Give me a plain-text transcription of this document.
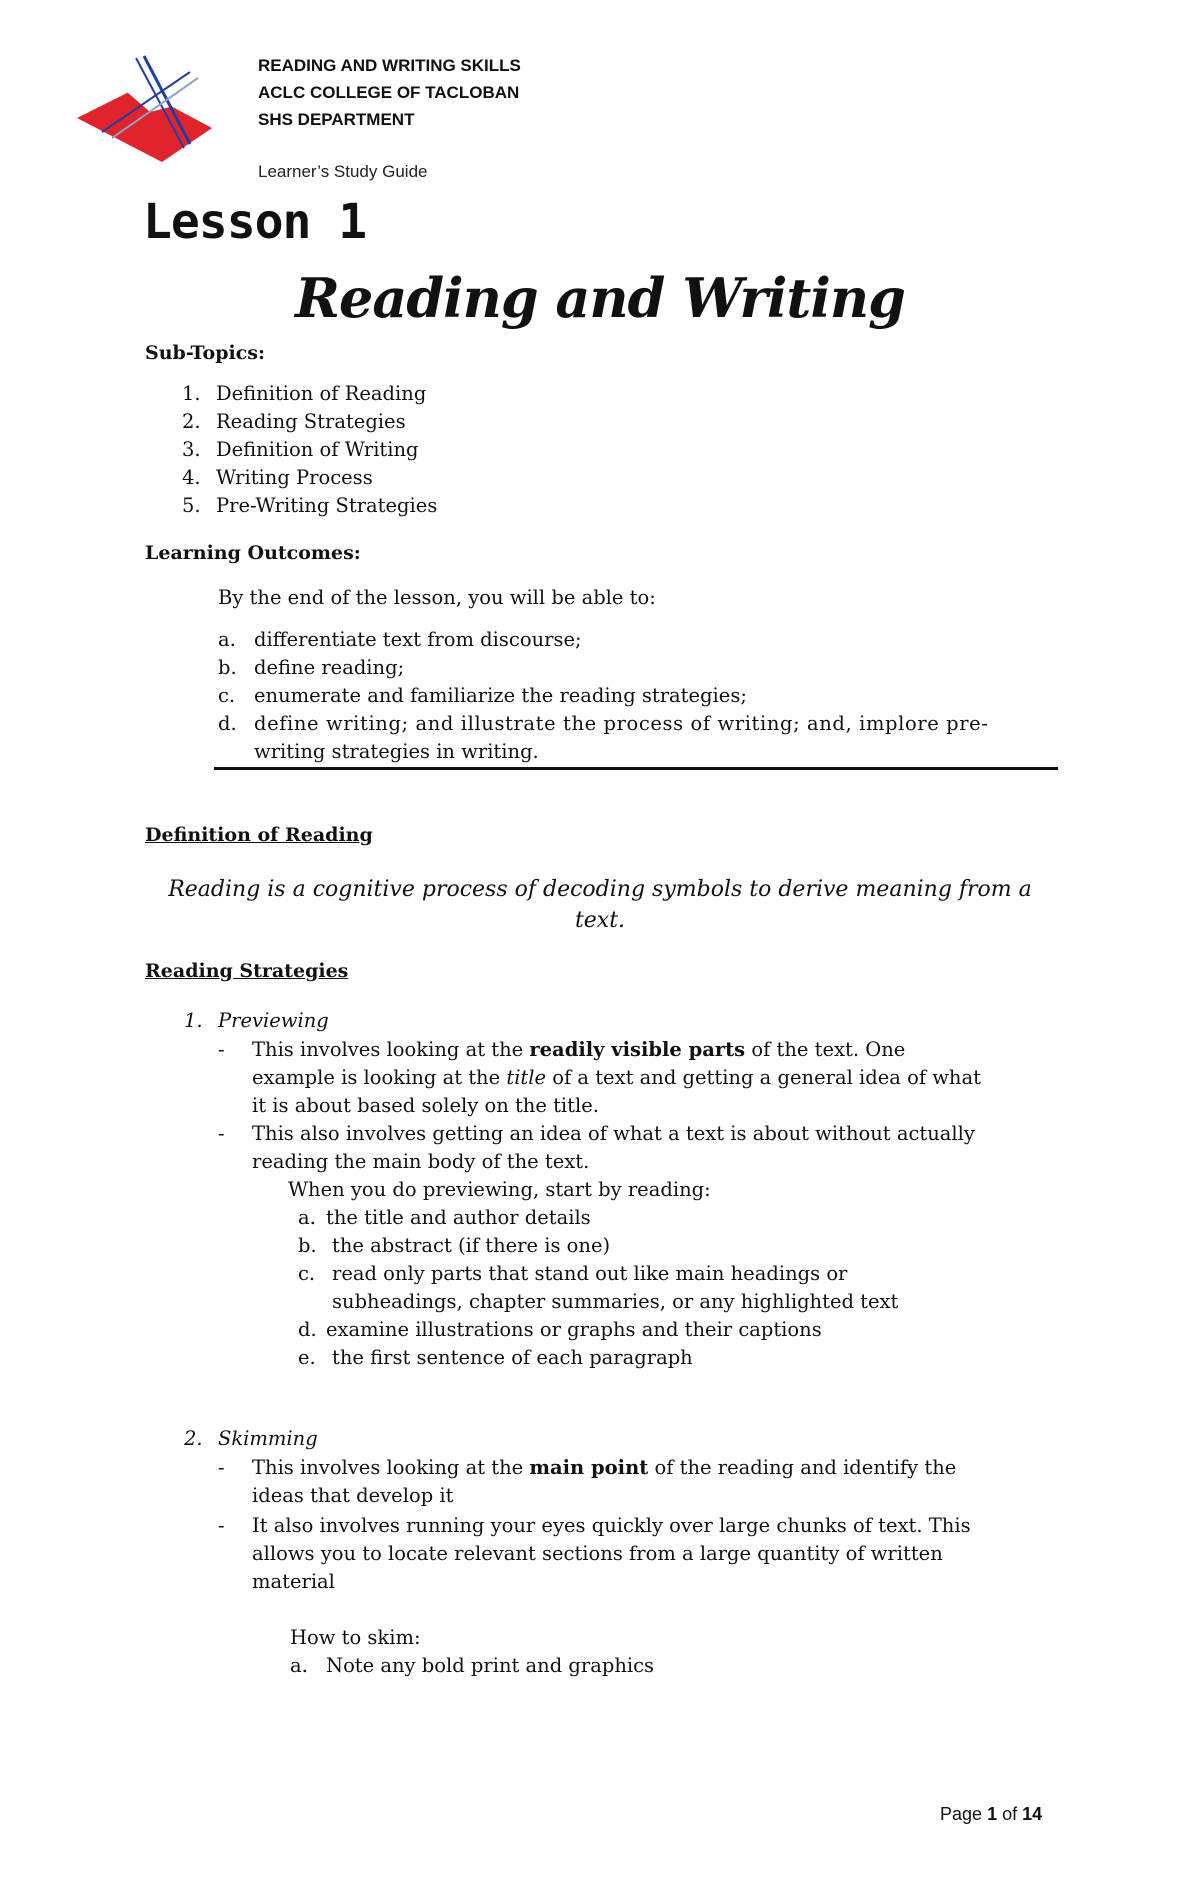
READING AND WRITING SKILLS
ACLC COLLEGE OF TACLOBAN
SHS DEPARTMENT
Learner’s Study Guide
Lesson 1
Reading and Writing
Sub-Topics:
1. Definition of Reading
2. Reading Strategies
3. Definition of Writing
4. Writing Process
5. Pre-Writing Strategies
Learning Outcomes:
By the end of the lesson, you will be able to:
a. differentiate text from discourse;
b. define reading;
c. enumerate and familiarize the reading strategies;
d. define writing; and illustrate the process of writing; and, implore pre-
writing strategies in writing.
Definition of Reading
Reading is a cognitive process of decoding symbols to derive meaning from a
text.
Reading Strategies
1. Previewing
-	This involves looking at the readily visible parts of the text. One
example is looking at the title of a text and getting a general idea of what
it is about based solely on the title.
-	This also involves getting an idea of what a text is about without actually
reading the main body of the text.
When you do previewing, start by reading:
a. the title and author details
b. the abstract (if there is one)
c. read only parts that stand out like main headings or
subheadings, chapter summaries, or any highlighted text
d. examine illustrations or graphs and their captions
e. the first sentence of each paragraph
2. Skimming
-	This involves looking at the main point of the reading and identify the
ideas that develop it
-	It also involves running your eyes quickly over large chunks of text. This
allows you to locate relevant sections from a large quantity of written
material
How to skim:
a. Note any bold print and graphics
Page 1 of 14
